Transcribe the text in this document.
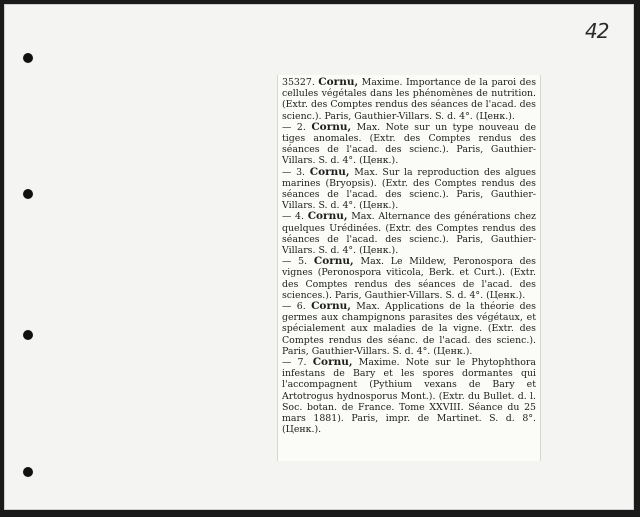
42

35327. Cornu, Maxime. Importance de la paroi des cellules végétales dans les phénomènes de nutrition. (Extr. des Comptes rendus des séances de l'acad. des scienc.). Paris, Gauthier-Villars. S. d. 4°. (Ценк.).

— 2. Cornu, Max. Note sur un type nouveau de tiges anomales. (Extr. des Comptes rendus des séances de l'acad. des scienc.). Paris, Gauthier-Villars. S. d. 4°. (Ценк.).

— 3. Cornu, Max. Sur la reproduction des algues marines (Bryopsis). (Extr. des Comptes rendus des séances de l'acad. des scienc.). Paris, Gauthier-Villars. S. d. 4°. (Ценк.).

— 4. Cornu, Max. Alternance des générations chez quelques Urédinées. (Extr. des Comptes rendus des séances de l'acad. des scienc.). Paris, Gauthier-Villars. S. d. 4°. (Ценк.).

— 5. Cornu, Max. Le Mildew, Peronospora des vignes (Peronospora viticola, Berk. et Curt.). (Extr. des Comptes rendus des séances de l'acad. des sciences.). Paris, Gauthier-Villars. S. d. 4°. (Ценк.).

— 6. Cornu, Max. Applications de la théorie des germes aux champignons parasites des végétaux, et spécialement aux maladies de la vigne. (Extr. des Comptes rendus des séanc. de l'acad. des scienc.). Paris, Gauthier-Villars. S. d. 4°. (Ценк.).

— 7. Cornu, Maxime. Note sur le Phytophthora infestans de Bary et les spores dormantes qui l'accompagnent (Pythium vexans de Bary et Artotrogus hydnosporus Mont.). (Extr. du Bullet. d. l. Soc. botan. de France. Tome XXVIII. Séance du 25 mars 1881). Paris, impr. de Martinet. S. d. 8°. (Ценк.).
